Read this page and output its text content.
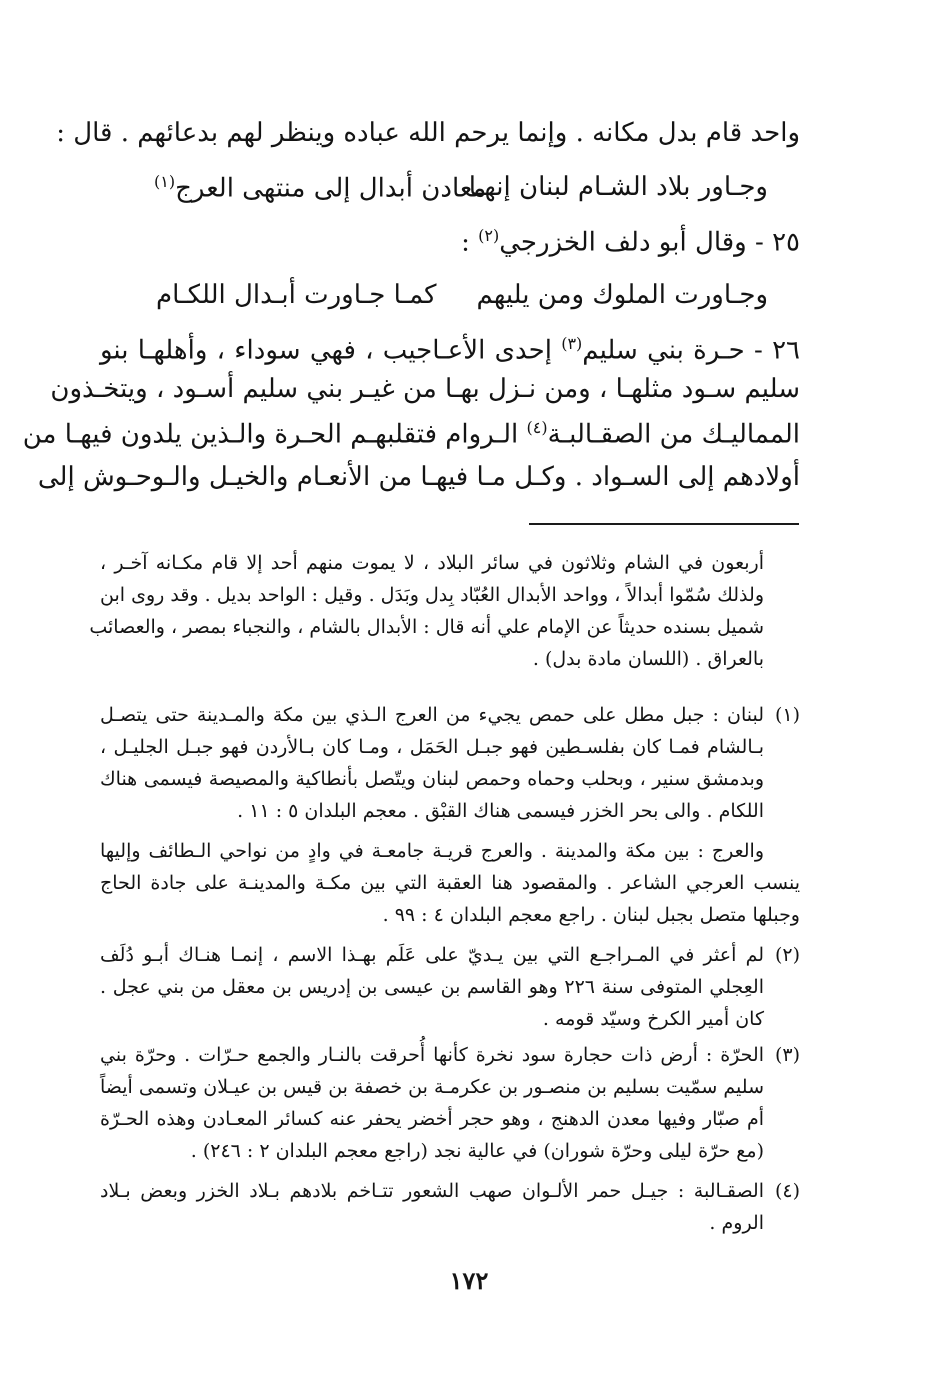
واحد قام بدل مكانه . وإنما يرحم الله عباده وينظر لهم بدعائهم . قال :
وجـاور بلاد الشـام لبنان إنهـا
معادن أبدال إلى منتهى العرج$^{(١)}$
٢٥ - وقال أبو دلف الخزرجي$^{(٢)}$ :
وجـاورت الملوك ومن يليهم
كمـا جـاورت أبـدال اللكـام
٢٦ - حـرة بني سليم$^{(٣)}$ إحدى الأعـاجيب ، فهي سوداء ، وأهلهـا بنو
سليم سـود مثلهـا ، ومن نـزل بهـا من غيـر بني سليم أسـود ، ويتخـذون
المماليـك من الصقـالبـة$^{(٤)}$ الـروام فتقلبهـم الحـرة والـذين يلدون فيهـا من
أولادهم إلى السـواد . وكـل مـا فيهـا من الأنعـام والخيـل والـوحـوش إلى
أربعون في الشام وثلاثون في سائر البلاد ، لا يموت منهم أحد إلا قام مكـانه آخـر ،
ولذلك سُمّوا أبدالاً ، وواحد الأبدال العُبّاد بِدل وبَدَل . وقيل : الواحد بديل . وقد روى ابن
شميل بسنده حديثاً عن الإمام علي أنه قال : الأبدال بالشام ، والنجباء بمصر ، والعصائب
بالعراق . (اللسان مادة بدل) .
(١)
لبنان : جبل مطل على حمص يجيء من العرج الـذي بين مكة والمـدينة حتى يتصـل
بـالشام فمـا كان بفلسـطين فهو جبـل الحَمَل ، ومـا كان بـالأردن فهو جبـل الجليـل ،
وبدمشق سنير ، وبحلب وحماه وحمص لبنان ويتّصل بأنطاكية والمصيصة فيسمى هناك
اللكام . والى بحر الخزر فيسمى هناك القبْق . معجم البلدان ٥ : ١١ .
والعرج : بين مكة والمدينة . والعرج قريـة جامعـة في وادٍ من نواحي الـطائف وإليها
ينسب العرجي الشاعر . والمقصود هنا العقبة التي بين مكـة والمدينـة على جادة الحاج
وجبلها متصل بجبل لبنان . راجع معجم البلدان ٤ : ٩٩ .
(٢)
لم أعثر في المـراجـع التي بين يـديّ على عَلَم بهـذا الاسم ، إنمـا هنـاك أبـو دُلَف
العِجلي المتوفى سنة ٢٢٦ وهو القاسم بن عيسى بن إدريس بن معقل من بني عجل .
كان أمير الكرخ وسيّد قومه .
(٣)
الحرّة : أرض ذات حجارة سود نخرة كأنها أُحرقت بالنـار والجمع حـرّات . وحرّة بني
سليم سمّيت بسليم بن منصـور بن عكرمـة بن خصفة بن قيس بن عيـلان وتسمى أيضاً
أم صبّار وفيها معدن الدهنج ، وهو حجر أخضر يحفر عنه كسائر المعـادن وهذه الحـرّة
(مع حرّة ليلى وحرّة شوران) في عالية نجد (راجع معجم البلدان ٢ : ٢٤٦) .
(٤)
الصقـالبة : جيـل حمر الألـوان صهب الشعور تتـاخم بلادهم بـلاد الخزر وبعض بـلاد
الروم .
١٧٢
